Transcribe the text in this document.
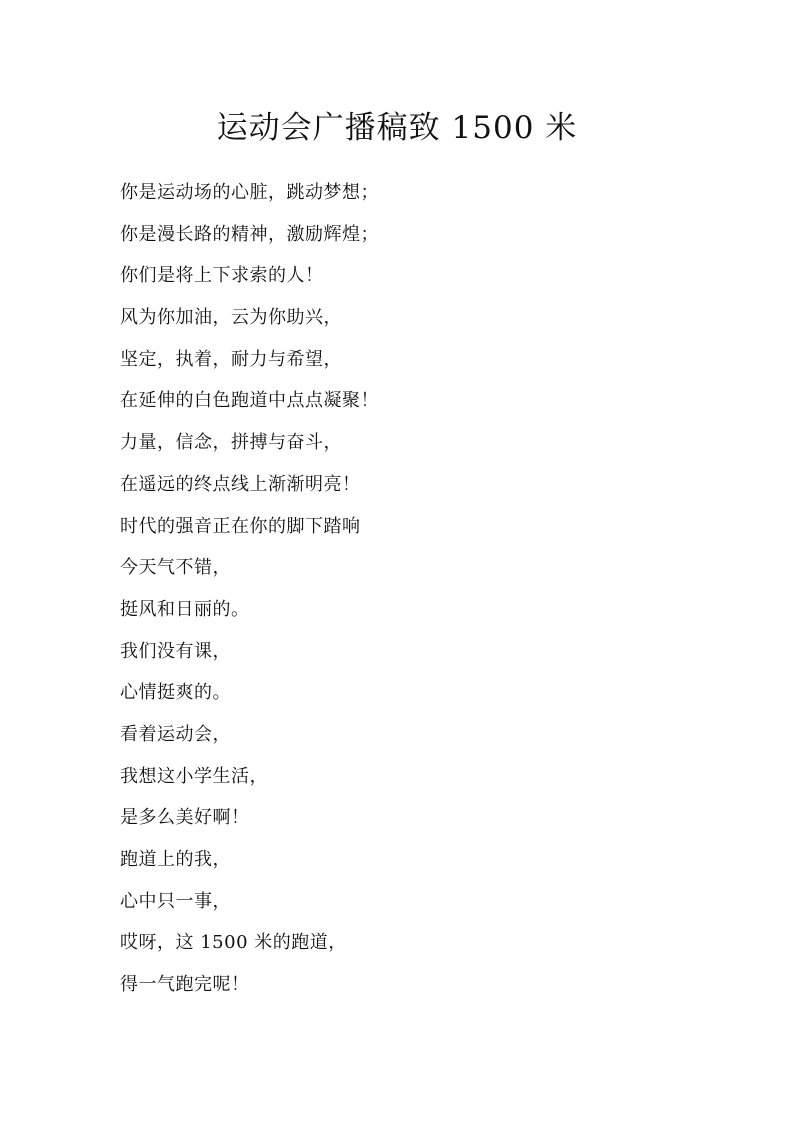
运动会广播稿致 1500 米
你是运动场的心脏，跳动梦想；
你是漫长路的精神，激励辉煌；
你们是将上下求索的人！
风为你加油，云为你助兴，
坚定，执着，耐力与希望，
在延伸的白色跑道中点点凝聚！
力量，信念，拼搏与奋斗，
在遥远的终点线上渐渐明亮！
时代的强音正在你的脚下踏响
今天气不错，
挺风和日丽的。
我们没有课，
心情挺爽的。
看着运动会，
我想这小学生活，
是多么美好啊！
跑道上的我，
心中只一事，
哎呀，这 1500 米的跑道，
得一气跑完呢！
